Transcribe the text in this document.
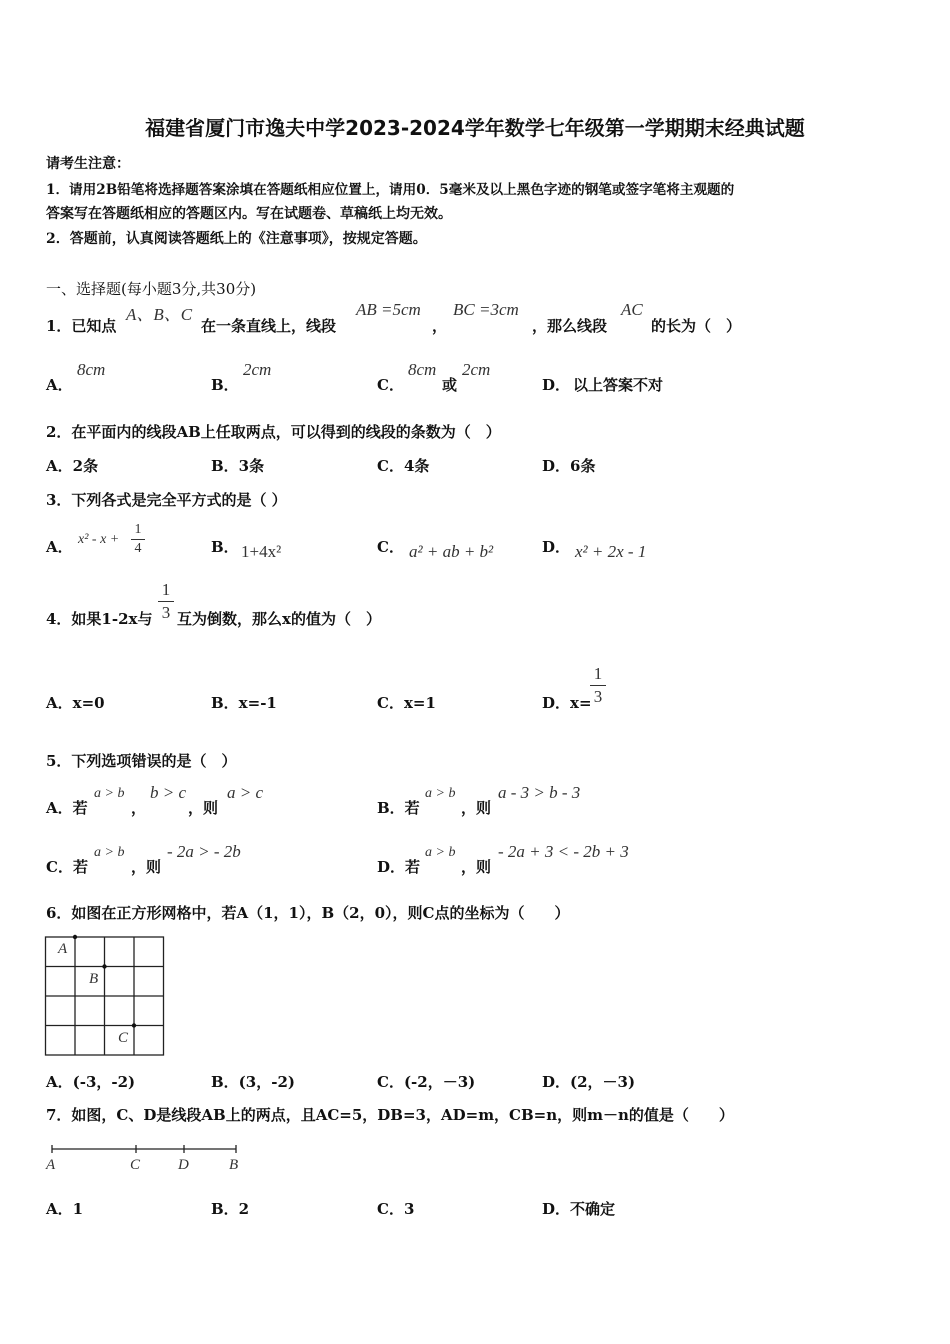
福建省厦门市逸夫中学2023-2024学年数学七年级第一学期期末经典试题
请考生注意：
1．请用2B铅笔将选择题答案涂填在答题纸相应位置上，请用0．5毫米及以上黑色字迹的钢笔或签字笔将主观题的
答案写在答题纸相应的答题区内。写在试题卷、草稿纸上均无效。
2．答题前，认真阅读答题纸上的《注意事项》，按规定答题。
一、选择题(每小题3分,共30分)
1．已知点
A、B、C
在一条直线上，线段
AB =5cm
，
BC =3cm
，那么线段
AC
的长为（　）
A．
8cm
B．
2cm
C．
8cm
或
2cm
D． 以上答案不对
2．在平面内的线段AB上任取两点，可以得到的线段的条数为（　）
A．2条	B．3条	C．4条	D．6条
3．下列各式是完全平方式的是（ ）
A． x² - x +
1
4	B． 1+4x²	C． a² + ab + b²	D． x² + 2x - 1
4．如果1-2x与
1
3 互为倒数，那么x的值为（　）
A．x=0	B．x=-1	C．x=1	D．x=
1
3
5．下列选项错误的是（　）
A．若
a > b
，
b > c
，则
a > c
B．若
a > b
，则
a - 3 > b - 3
C．若
a > b
，则
- 2a > - 2b
D．若
a > b
，则
- 2a + 3 < - 2b + 3
6．如图在正方形网格中，若A（1，1），B（2，0），则C点的坐标为（　　）
A
B
C
A．(-3，-2)	B．(3，-2)	C．(-2，－3)	D．(2，－3)
7．如图，C、D是线段AB上的两点，且AC=5，DB=3，AD=m，CB=n，则m－n的值是（　　）
A	C	D	B
A．1	B．2	C．3	D．不确定
